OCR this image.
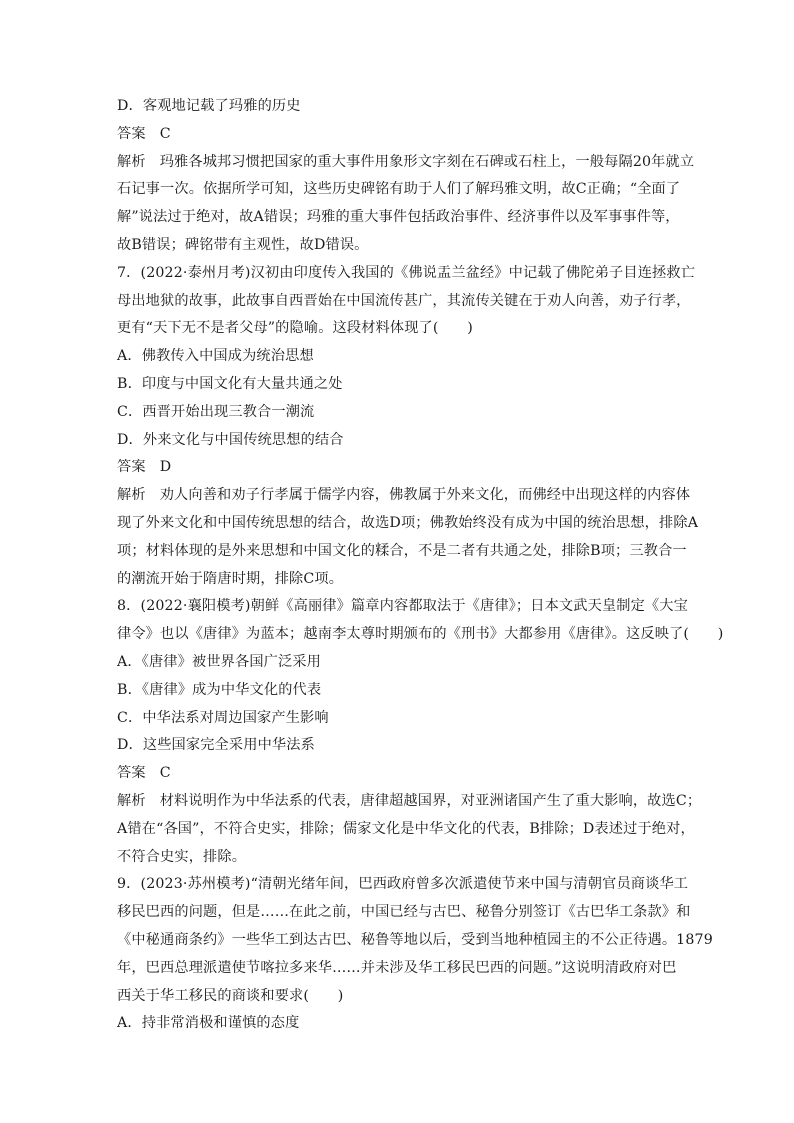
D．客观地记载了玛雅的历史
答案 C
解析 玛雅各城邦习惯把国家的重大事件用象形文字刻在石碑或石柱上，一般每隔20年就立
石记事一次。依据所学可知，这些历史碑铭有助于人们了解玛雅文明，故C正确；“全面了
解”说法过于绝对，故A错误；玛雅的重大事件包括政治事件、经济事件以及军事事件等，
故B错误；碑铭带有主观性，故D错误。
7．(2022·泰州月考)汉初由印度传入我国的《佛说盂兰盆经》中记载了佛陀弟子目连拯救亡
母出地狱的故事，此故事自西晋始在中国流传甚广，其流传关键在于劝人向善，劝子行孝，
更有“天下无不是者父母”的隐喻。这段材料体现了(　　)
A．佛教传入中国成为统治思想
B．印度与中国文化有大量共通之处
C．西晋开始出现三教合一潮流
D．外来文化与中国传统思想的结合
答案 D
解析 劝人向善和劝子行孝属于儒学内容，佛教属于外来文化，而佛经中出现这样的内容体
现了外来文化和中国传统思想的结合，故选D项；佛教始终没有成为中国的统治思想，排除A
项；材料体现的是外来思想和中国文化的糅合，不是二者有共通之处，排除B项；三教合一
的潮流开始于隋唐时期，排除C项。
8．(2022·襄阳模考)朝鲜《高丽律》篇章内容都取法于《唐律》；日本文武天皇制定《大宝
律令》也以《唐律》为蓝本；越南李太尊时期颁布的《刑书》大都参用《唐律》。这反映了(　　)
A．《唐律》被世界各国广泛采用
B．《唐律》成为中华文化的代表
C．中华法系对周边国家产生影响
D．这些国家完全采用中华法系
答案 C
解析 材料说明作为中华法系的代表，唐律超越国界，对亚洲诸国产生了重大影响，故选C；
A错在“各国”，不符合史实，排除；儒家文化是中华文化的代表，B排除；D表述过于绝对，
不符合史实，排除。
9．(2023·苏州模考)“清朝光绪年间，巴西政府曾多次派遣使节来中国与清朝官员商谈华工
移民巴西的问题，但是……在此之前，中国已经与古巴、秘鲁分别签订《古巴华工条款》和
《中秘通商条约》一些华工到达古巴、秘鲁等地以后，受到当地种植园主的不公正待遇。1879
年，巴西总理派遣使节喀拉多来华……并未涉及华工移民巴西的问题。”这说明清政府对巴
西关于华工移民的商谈和要求(　　)
A．持非常消极和谨慎的态度
